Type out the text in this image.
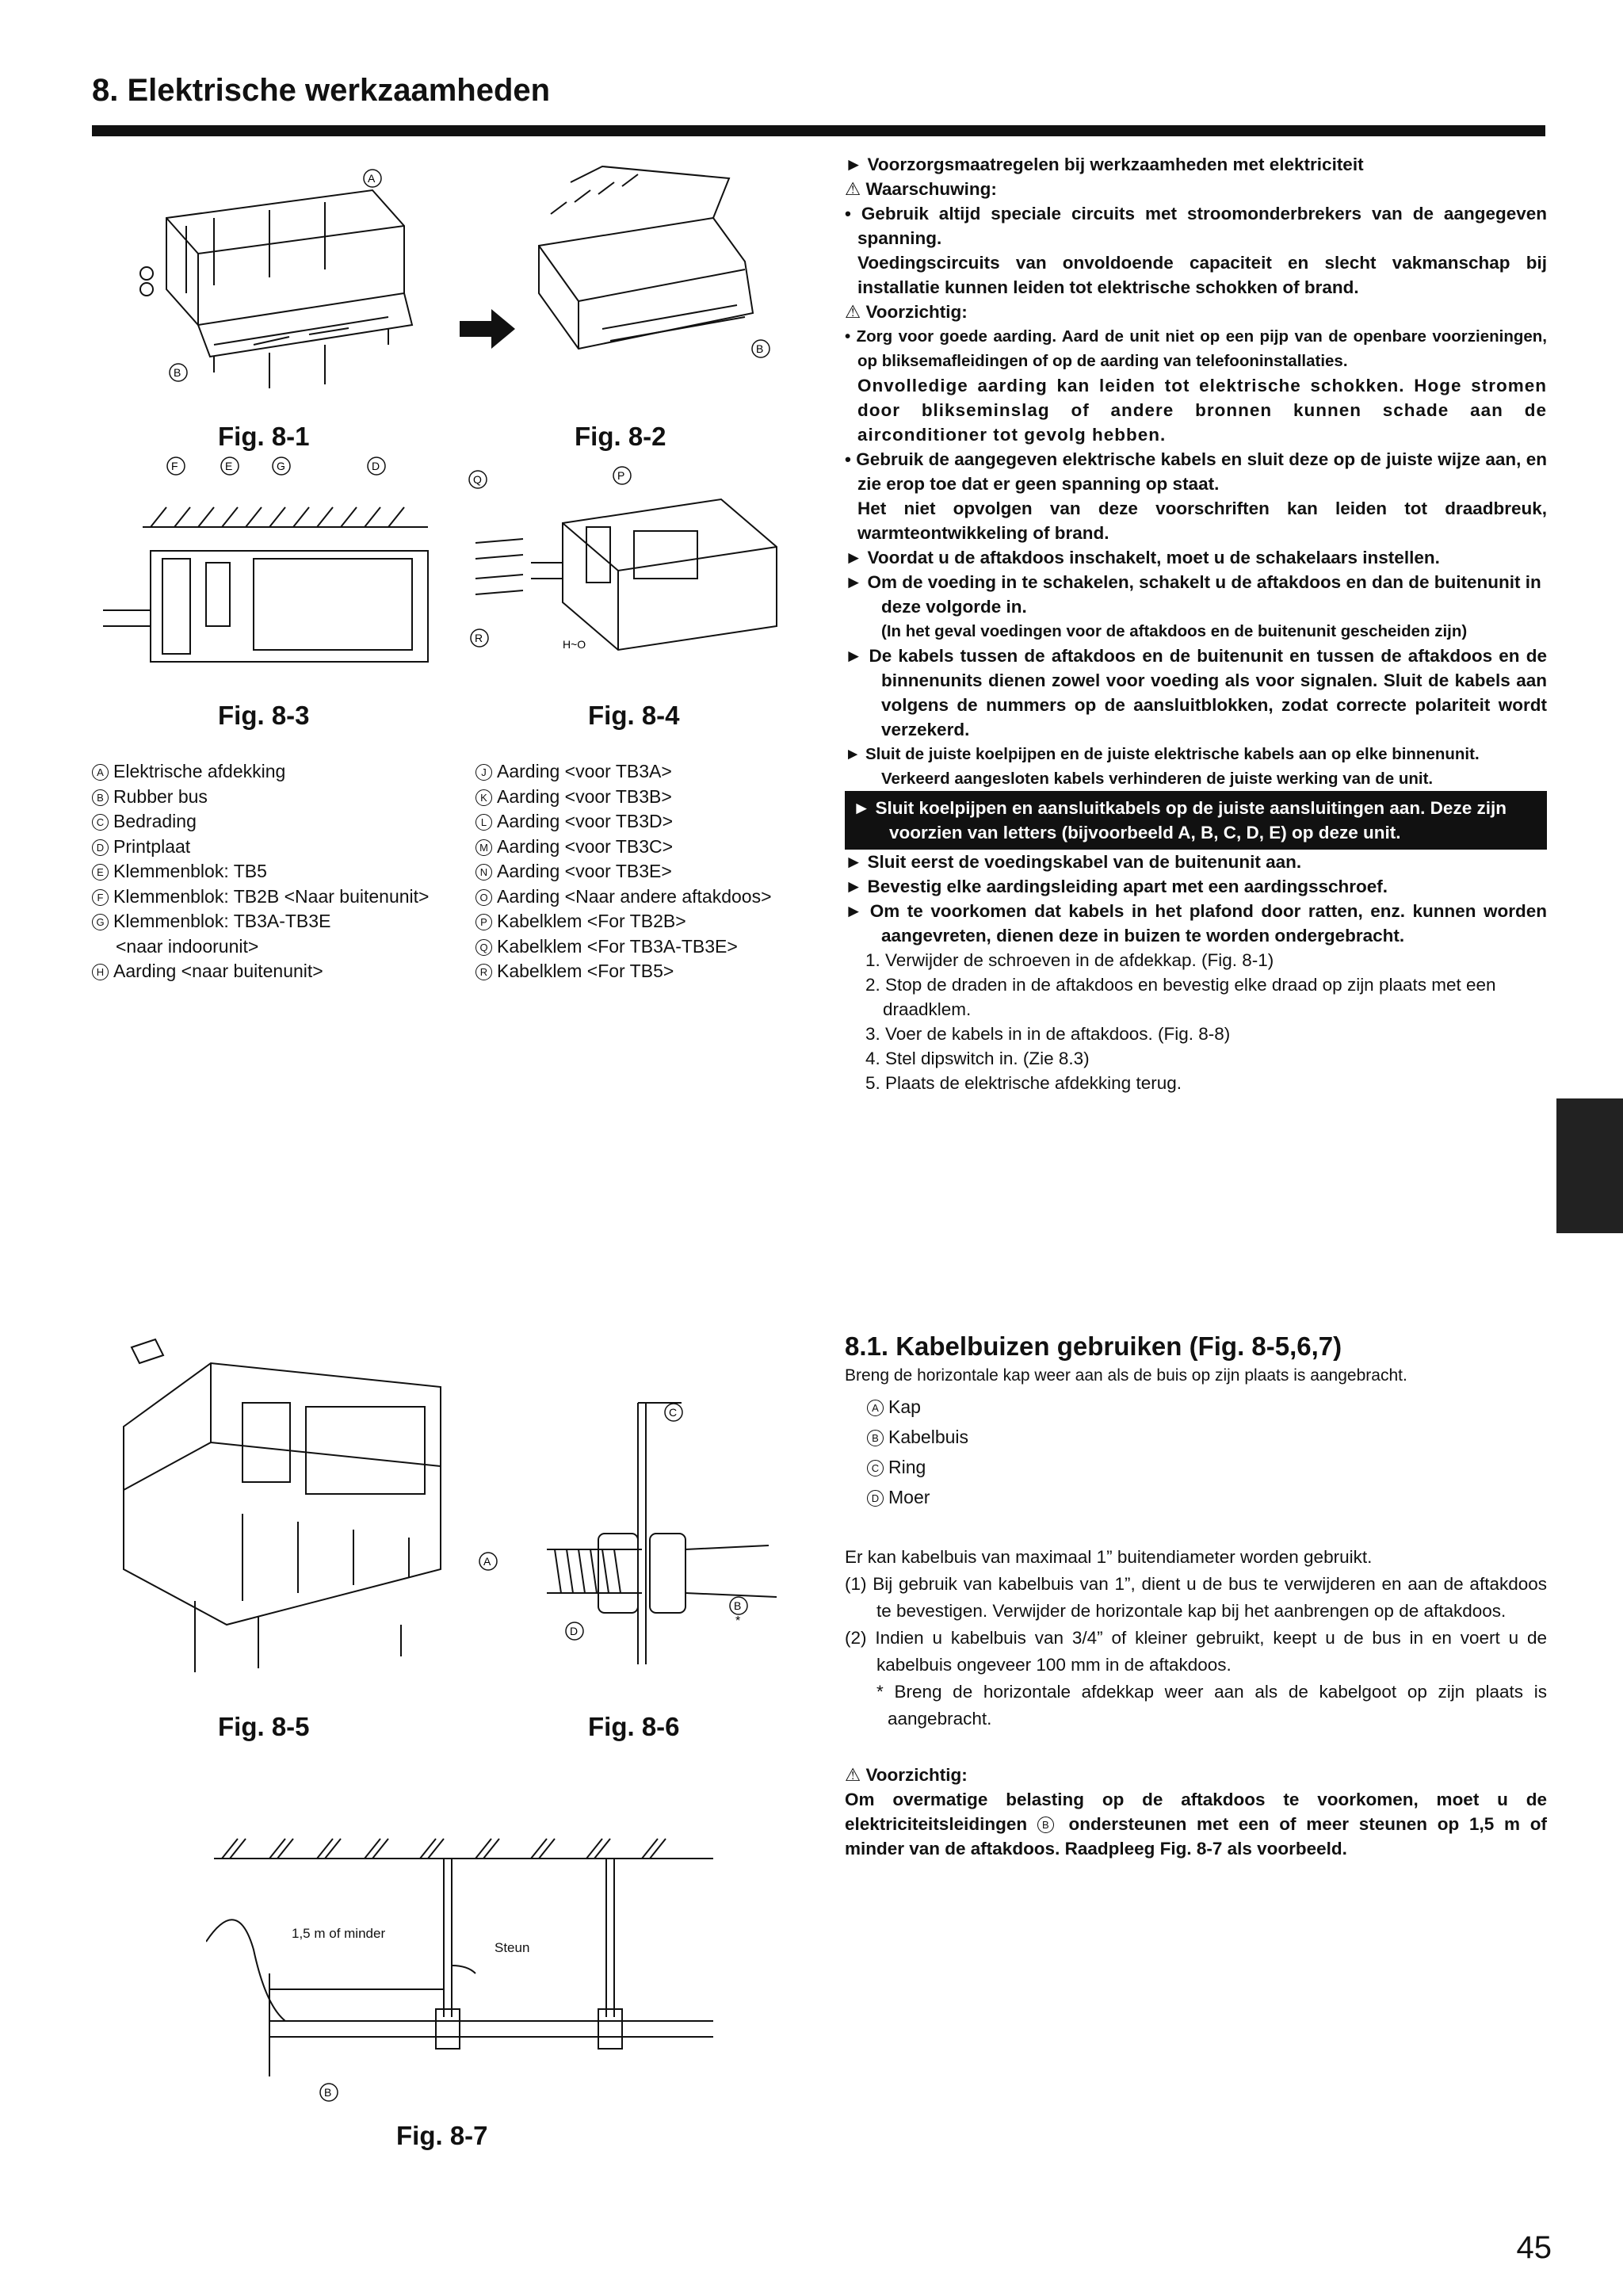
8. Elektrische werkzaamheden
A
B
Fig. 8-1
B
Fig. 8-2
F	E	G	D
Fig. 8-3
Q	P
R	H~O
Fig. 8-4
A Elektrische afdekking
B Rubber bus
C Bedrading
D Printplaat
E Klemmenblok: TB5
F Klemmenblok: TB2B <Naar buitenunit>
G Klemmenblok: TB3A-TB3E
<naar indoorunit>
H Aarding <naar buitenunit>
J Aarding <voor TB3A>
K Aarding <voor TB3B>
L Aarding <voor TB3D>
M Aarding <voor TB3C>
N Aarding <voor TB3E>
O Aarding <Naar andere aftakdoos>
P Kabelklem <For TB2B>
Q Kabelklem <For TB3A-TB3E>
R Kabelklem <For TB5>

► Voorzorgsmaatregelen bij werkzaamheden met elektriciteit

⚠ Waarschuwing:

• Gebruik altijd speciale circuits met stroomonderbrekers van de aangegeven spanning.

Voedingscircuits van onvoldoende capaciteit en slecht vakmanschap bij installatie kunnen leiden tot elektrische schokken of brand.

⚠ Voorzichtig:

• Zorg voor goede aarding. Aard de unit niet op een pijp van de openbare voorzieningen, op bliksemafleidingen of op de aarding van telefooninstallaties.

Onvolledige aarding kan leiden tot elektrische schokken. Hoge stromen door blikseminslag of andere bronnen kunnen schade aan de airconditioner tot gevolg hebben.

• Gebruik de aangegeven elektrische kabels en sluit deze op de juiste wijze aan, en zie erop toe dat er geen spanning op staat.

Het niet opvolgen van deze voorschriften kan leiden tot draadbreuk, warmteontwikkeling of brand.

► Voordat u de aftakdoos inschakelt, moet u de schakelaars instellen.

► Om de voeding in te schakelen, schakelt u de aftakdoos en dan de buitenunit in deze volgorde in.

(In het geval voedingen voor de aftakdoos en de buitenunit gescheiden zijn)

► De kabels tussen de aftakdoos en de buitenunit en tussen de aftakdoos en de binnenunits dienen zowel voor voeding als voor signalen. Sluit de kabels aan volgens de nummers op de aansluitblokken, zodat correcte polariteit wordt verzekerd.

► Sluit de juiste koelpijpen en de juiste elektrische kabels aan op elke binnenunit. Verkeerd aangesloten kabels verhinderen de juiste werking van de unit.

► Sluit koelpijpen en aansluitkabels op de juiste aansluitingen aan. Deze zijn voorzien van letters (bijvoorbeeld A, B, C, D, E) op deze unit.

► Sluit eerst de voedingskabel van de buitenunit aan.

► Bevestig elke aardingsleiding apart met een aardingsschroef.

► Om te voorkomen dat kabels in het plafond door ratten, enz. kunnen worden aangevreten, dienen deze in buizen te worden ondergebracht.

1. Verwijder de schroeven in de afdekkap. (Fig. 8-1)

2. Stop de draden in de aftakdoos en bevestig elke draad op zijn plaats met een draadklem.

3. Voer de kabels in in de aftakdoos. (Fig. 8-8)

4. Stel dipswitch in. (Zie 8.3)

5. Plaats de elektrische afdekking terug.

A
Fig. 8-5
C
D
B
*
Fig. 8-6
B
1,5 m of minder
Steun
Fig. 8-7
8.1. Kabelbuizen gebruiken (Fig. 8-5,6,7)
Breng de horizontale kap weer aan als de buis op zijn plaats is aangebracht.
A Kap
B Kabelbuis
C Ring
D Moer
Er kan kabelbuis van maximaal 1” buitendiameter worden gebruikt.
(1) Bij gebruik van kabelbuis van 1”, dient u de bus te verwijderen en aan de aftakdoos te bevestigen. Verwijder de horizontale kap bij het aanbrengen op de aftakdoos.
(2) Indien u kabelbuis van 3/4” of kleiner gebruikt, keept u de bus in en voert u de kabelbuis ongeveer 100 mm in de aftakdoos.
* Breng de horizontale afdekkap weer aan als de kabelgoot op zijn plaats is aangebracht.
⚠ Voorzichtig:
Om overmatige belasting op de aftakdoos te voorkomen, moet u de elektriciteitsleidingen B ondersteunen met een of meer steunen op 1,5 m of minder van de aftakdoos. Raadpleeg Fig. 8-7 als voorbeeld.
45
